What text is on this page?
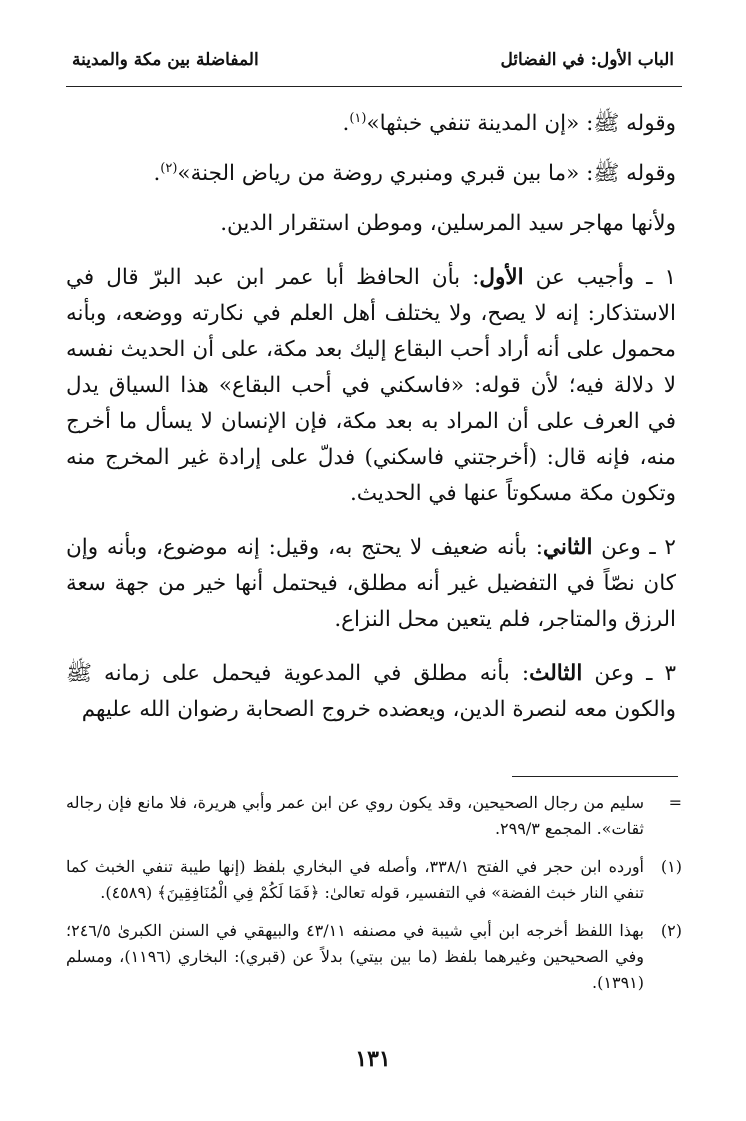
الباب الأول: في الفضائل
المفاضلة بين مكة والمدينة

وقوله ﷺ: «إن المدينة تنفي خبثها»$^{(١)}$.

وقوله ﷺ: «ما بين قبري ومنبري روضة من رياض الجنة»$^{(٢)}$.

ولأنها مهاجر سيد المرسلين، وموطن استقرار الدين.

١ ـ وأجيب عن الأول: بأن الحافظ أبا عمر ابن عبد البرّ قال في الاستذكار: إنه لا يصح، ولا يختلف أهل العلم في نكارته ووضعه، وبأنه محمول على أنه أراد أحب البقاع إليك بعد مكة، على أن الحديث نفسه لا دلالة فيه؛ لأن قوله: «فاسكني في أحب البقاع» هذا السياق يدل في العرف على أن المراد به بعد مكة، فإن الإنسان لا يسأل ما أخرج منه، فإنه قال: (أخرجتني فاسكني) فدلّ على إرادة غير المخرج منه وتكون مكة مسكوتاً عنها في الحديث.

٢ ـ وعن الثاني: بأنه ضعيف لا يحتج به، وقيل: إنه موضوع، وبأنه وإن كان نصّاً في التفضيل غير أنه مطلق، فيحتمل أنها خير من جهة سعة الرزق والمتاجر، فلم يتعين محل النزاع.

٣ ـ وعن الثالث: بأنه مطلق في المدعوية فيحمل على زمانه ﷺ والكون معه لنصرة الدين، ويعضده خروج الصحابة رضوان الله عليهم

=
سليم من رجال الصحيحين، وقد يكون روي عن ابن عمر وأبي هريرة، فلا مانع فإن رجاله ثقات». المجمع ٢٩٩/٣.
(١)
أورده ابن حجر في الفتح ٣٣٨/١، وأصله في البخاري بلفظ (إنها طيبة تنفي الخبث كما تنفي النار خبث الفضة» في التفسير، قوله تعالىٰ: ﴿فَمَا لَكُمْ فِي الْمُنَافِقِينَ﴾ (٤٥٨٩).
(٢)
بهذا اللفظ أخرجه ابن أبي شيبة في مصنفه ٤٣/١١ والبيهقي في السنن الكبرىٰ ٢٤٦/٥؛ وفي الصحيحين وغيرهما بلفظ (ما بين بيتي) بدلاً عن (قبري): البخاري (١١٩٦)، ومسلم (١٣٩١).
١٣١
